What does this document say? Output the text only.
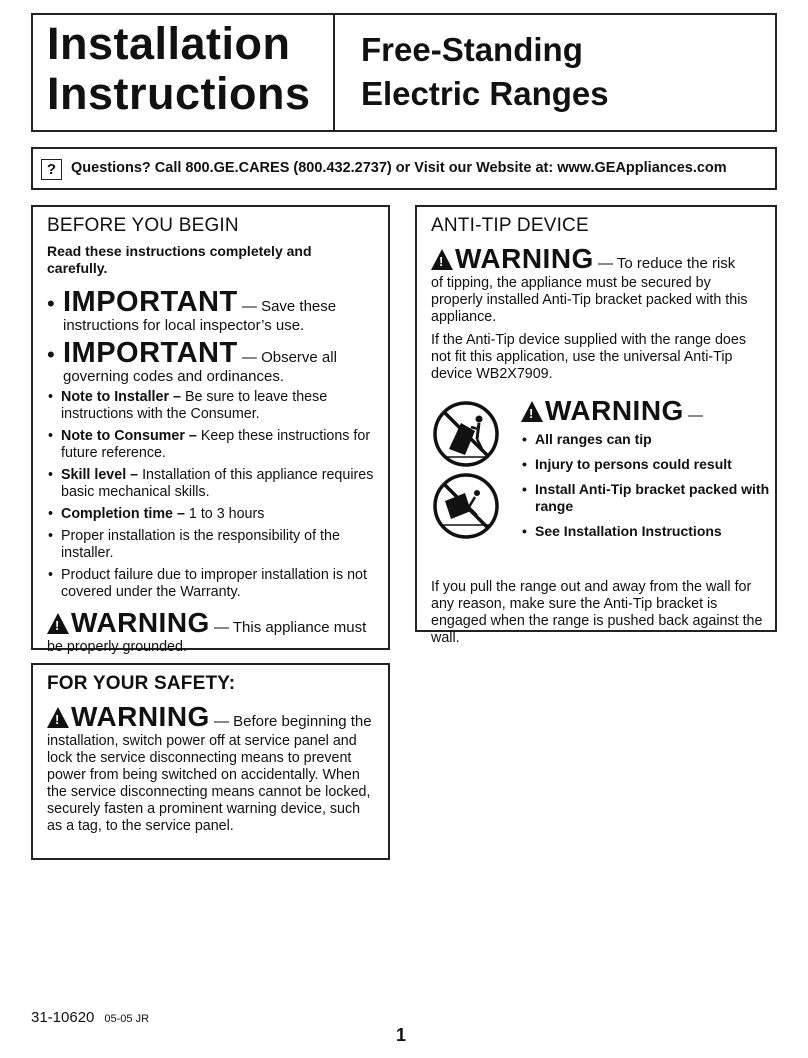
Installation
Instructions
Free-Standing
Electric Ranges
?	Questions? Call 800.GE.CARES (800.432.2737) or Visit our Website at: www.GEAppliances.com
BEFORE YOU BEGIN
Read these instructions completely and carefully.
• IMPORTANT — Save these
instructions for local inspector’s use.
• IMPORTANT — Observe all
governing codes and ordinances.
• Note to Installer – Be sure to leave these instructions with the Consumer.
• Note to Consumer – Keep these instructions for future reference.
• Skill level – Installation of this appliance requires basic mechanical skills.
• Completion time – 1 to 3 hours
• Proper installation is the responsibility of the installer.
• Product failure due to improper installation is not covered under the Warranty.
!WARNING — This appliance must
be properly grounded.
FOR YOUR SAFETY:
!WARNING — Before beginning the
installation, switch power off at service panel and lock the service disconnecting means to prevent power from being switched on accidentally. When the service disconnecting means cannot be locked, securely fasten a prominent warning device, such as a tag, to the service panel.
ANTI-TIP DEVICE
!WARNING — To reduce the risk
of tipping, the appliance must be secured by properly installed Anti-Tip bracket packed with this appliance.
If the Anti-Tip device supplied with the range does not fit this application, use the universal Anti-Tip device WB2X7909.
!WARNING —
• All ranges can tip
• Injury to persons could result
• Install Anti-Tip bracket packed with range
• See Installation Instructions
If you pull the range out and away from the wall for any reason, make sure the Anti-Tip bracket is engaged when the range is pushed back against the wall.
31-10620 05-05 JR
1
